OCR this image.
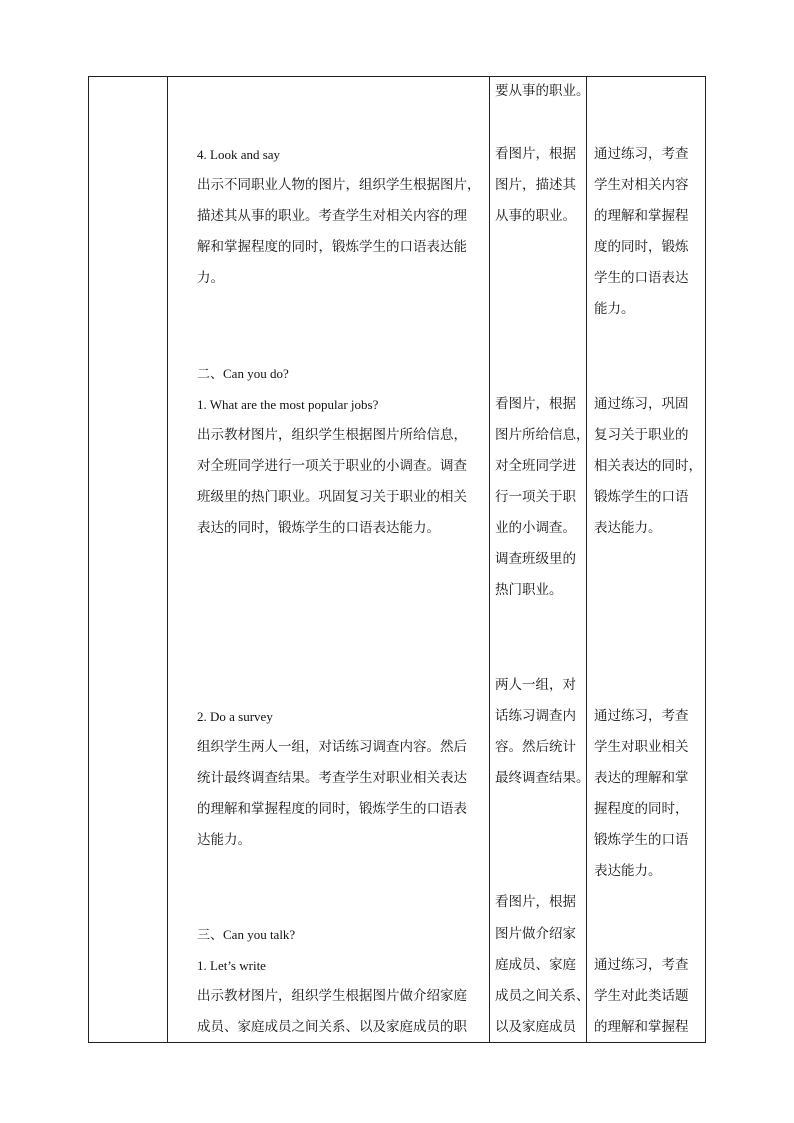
4. Look and say
出示不同职业人物的图片，组织学生根据图片，
描述其从事的职业。考查学生对相关内容的理
解和掌握程度的同时，锻炼学生的口语表达能
力。
二、Can you do?
1. What are the most popular jobs?
出示教材图片，组织学生根据图片所给信息，
对全班同学进行一项关于职业的小调查。调查
班级里的热门职业。巩固复习关于职业的相关
表达的同时，锻炼学生的口语表达能力。
2. Do a survey
组织学生两人一组，对话练习调查内容。然后
统计最终调查结果。考查学生对职业相关表达
的理解和掌握程度的同时，锻炼学生的口语表
达能力。
三、Can you talk?
1. Let’s write
出示教材图片，组织学生根据图片做介绍家庭
成员、家庭成员之间关系、以及家庭成员的职
要从事的职业。
看图片，根据
图片，描述其
从事的职业。
看图片，根据
图片所给信息，
对全班同学进
行一项关于职
业的小调查。
调查班级里的
热门职业。
两人一组，对
话练习调查内
容。然后统计
最终调查结果。
看图片，根据
图片做介绍家
庭成员、家庭
成员之间关系、
以及家庭成员
通过练习，考查
学生对相关内容
的理解和掌握程
度的同时，锻炼
学生的口语表达
能力。
通过练习，巩固
复习关于职业的
相关表达的同时，
锻炼学生的口语
表达能力。
通过练习，考查
学生对职业相关
表达的理解和掌
握程度的同时，
锻炼学生的口语
表达能力。
通过练习，考查
学生对此类话题
的理解和掌握程
